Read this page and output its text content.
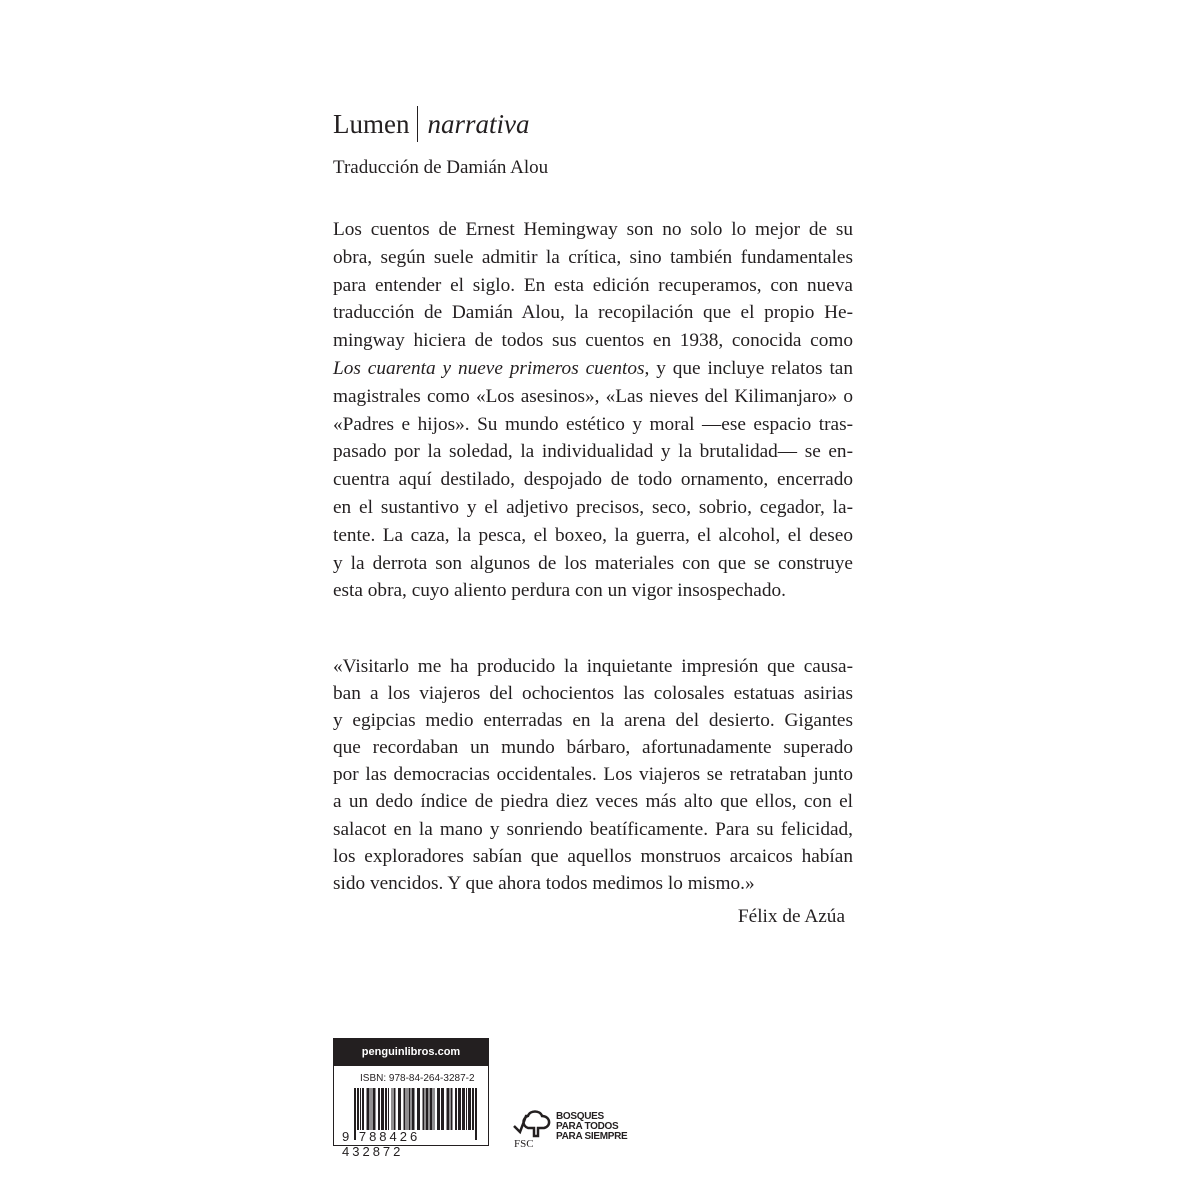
Lumen narrativa
Traducción de Damián Alou
Los cuentos de Ernest Hemingway son no solo lo mejor de su
obra, según suele admitir la crítica, sino también fundamentales
para entender el siglo. En esta edición recuperamos, con nueva
traducción de Damián Alou, la recopilación que el propio He-
mingway hiciera de todos sus cuentos en 1938, conocida como
Los cuarenta y nueve primeros cuentos, y que incluye relatos tan
magistrales como «Los asesinos», «Las nieves del Kilimanjaro» o
«Padres e hijos». Su mundo estético y moral —ese espacio tras-
pasado por la soledad, la individualidad y la brutalidad— se en-
cuentra aquí destilado, despojado de todo ornamento, encerrado
en el sustantivo y el adjetivo precisos, seco, sobrio, cegador, la-
tente. La caza, la pesca, el boxeo, la guerra, el alcohol, el deseo
y la derrota son algunos de los materiales con que se construye
esta obra, cuyo aliento perdura con un vigor insospechado.
«Visitarlo me ha producido la inquietante impresión que causa-
ban a los viajeros del ochocientos las colosales estatuas asirias
y egipcias medio enterradas en la arena del desierto. Gigantes
que recordaban un mundo bárbaro, afortunadamente superado
por las democracias occidentales. Los viajeros se retrataban junto
a un dedo índice de piedra diez veces más alto que ellos, con el
salacot en la mano y sonriendo beatíficamente. Para su felicidad,
los exploradores sabían que aquellos monstruos arcaicos habían
sido vencidos. Y que ahora todos medimos lo mismo.»
Félix de Azúa
penguinlibros.com
ISBN: 978-84-264-3287-2
9 788426 432872	FSC
BOSQUES
PARA TODOS
PARA SIEMPRE
